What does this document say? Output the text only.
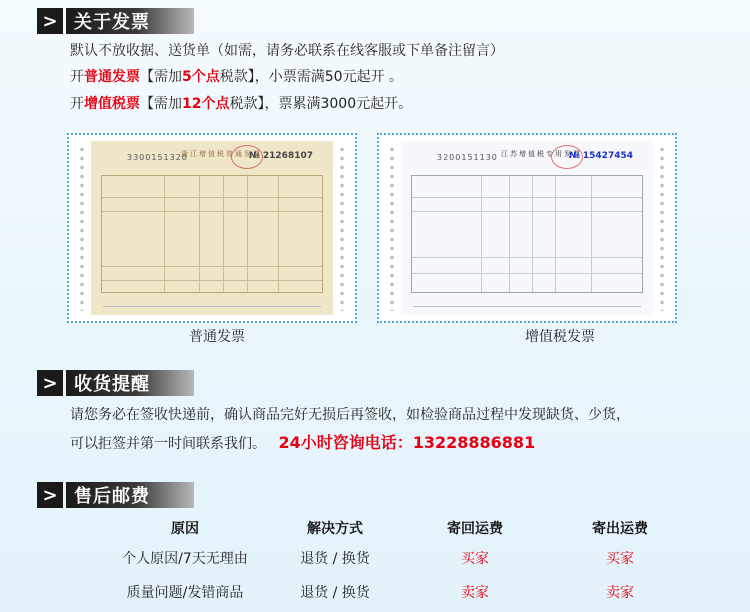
> 关于发票
默认不放收据、送货单（如需，请务必联系在线客服或下单备注留言）
开普通发票【需加5个点税款】，小票需满50元起开 。
开增值税票【需加12个点税款】，票累满3000元起开。
3300151320
浙江增值税普通发票
№ 21268107
普通发票
3200151130 江苏增值税专用发票
№ 15427454
增值税发票
> 收货提醒
请您务必在签收快递前，确认商品完好无损后再签收，如检验商品过程中发现缺货、少货，
可以拒签并第一时间联系我们。 24小时咨询电话：13228886881
> 售后邮费
原因	解决方式	寄回运费	寄出运费
个人原因/7天无理由	退货 / 换货	买家	买家
质量问题/发错商品	退货 / 换货	卖家	卖家
